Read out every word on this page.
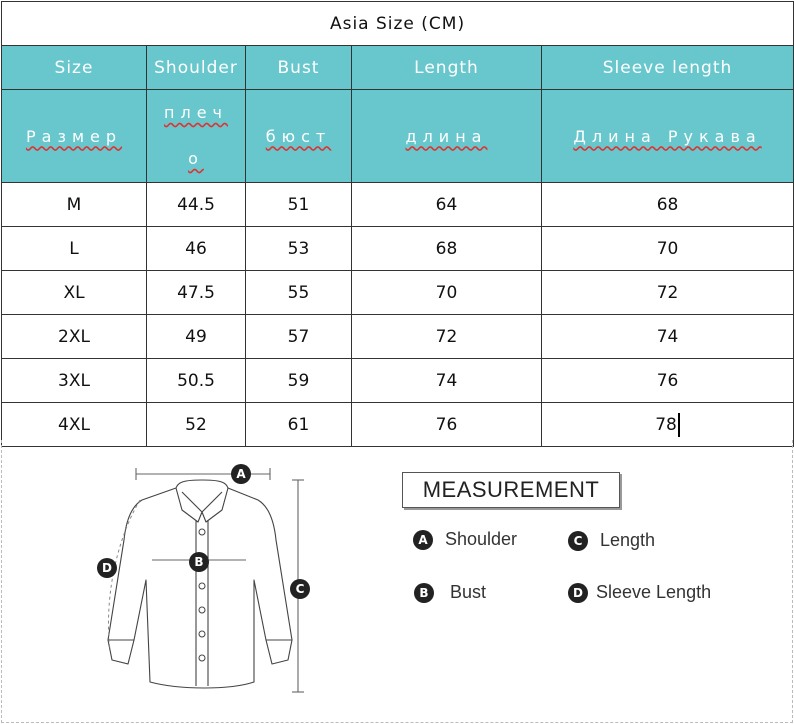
Asia Size (CM)				
Size	Shoulder	Bust	Length	Sleeve length
Размер	плеч о	бюст	длина	Длина Рукава
M	44.5	51	64	68
L	46	53	68	70
XL	47.5	55	70	72
2XL	49	57	72	74
3XL	50.5	59	74	76
4XL	52	61	76	78
A
B
C
D
MEASUREMENT
A Shoulder	C Length
B	Bust	D Sleeve Length
